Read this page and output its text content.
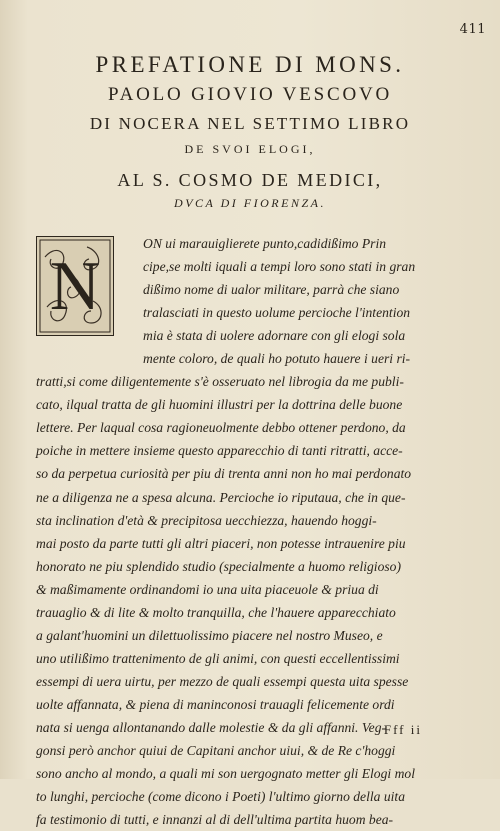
411
PREFATIONE DI MONS.
PAOLO GIOVIO VESCOVO
DI NOCERA NEL SETTIMO LIBRO
DE SVOI ELOGI,
AL S. COSMO DE MEDICI,
DVCA DI FIORENZA.
N
ON ui marauiglierete punto,cadidißimo Prin
cipe,se molti iquali a tempi loro sono stati in gran
dißimo nome di ualor militare, parrà che siano
tralasciati in questo uolume percioche l'intention
mia è stata di uolere adornare con gli elogi sola
mente coloro, de quali ho potuto hauere i ueri ri-
tratti,si come diligentemente s'è osseruato nel librogia da me publi-
cato, ilqual tratta de gli huomini illustri per la dottrina delle buone
lettere. Per laqual cosa ragioneuolmente debbo ottener perdono, da
poiche in mettere insieme questo apparecchio di tanti ritratti, acce-
so da perpetua curiosità per piu di trenta anni non ho mai perdonato
ne a diligenza ne a spesa alcuna. Percioche io riputaua, che in que-
sta inclination d'età & precipitosa uecchiezza, hauendo hoggi-
mai posto da parte tutti gli altri piaceri, non potesse intrauenire piu
honorato ne piu splendido studio (specialmente a huomo religioso)
& maßimamente ordinandomi io una uita piaceuole & priua di
trauaglio & di lite & molto tranquilla, che l'hauere apparecchiato
a galant'huomini un dilettuolissimo piacere nel nostro Museo, e
uno utilißimo trattenimento de gli animi, con questi eccellentissimi
essempi di uera uirtu, per mezzo de quali essempi questa uita spesse
uolte affannata, & piena di maninconosi trauagli felicemente ordi
nata si uenga allontanando dalle molestie & da gli affanni. Veg-
gonsi però anchor quiui de Capitani anchor uiui, & de Re c'hoggi
sono ancho al mondo, a quali mi son uergognato metter gli Elogi mol
to lunghi, percioche (come dicono i Poeti) l'ultimo giorno della uita
fa testimonio di tutti, e innanzi al di dell'ultima partita huom bea-
Fff ii
